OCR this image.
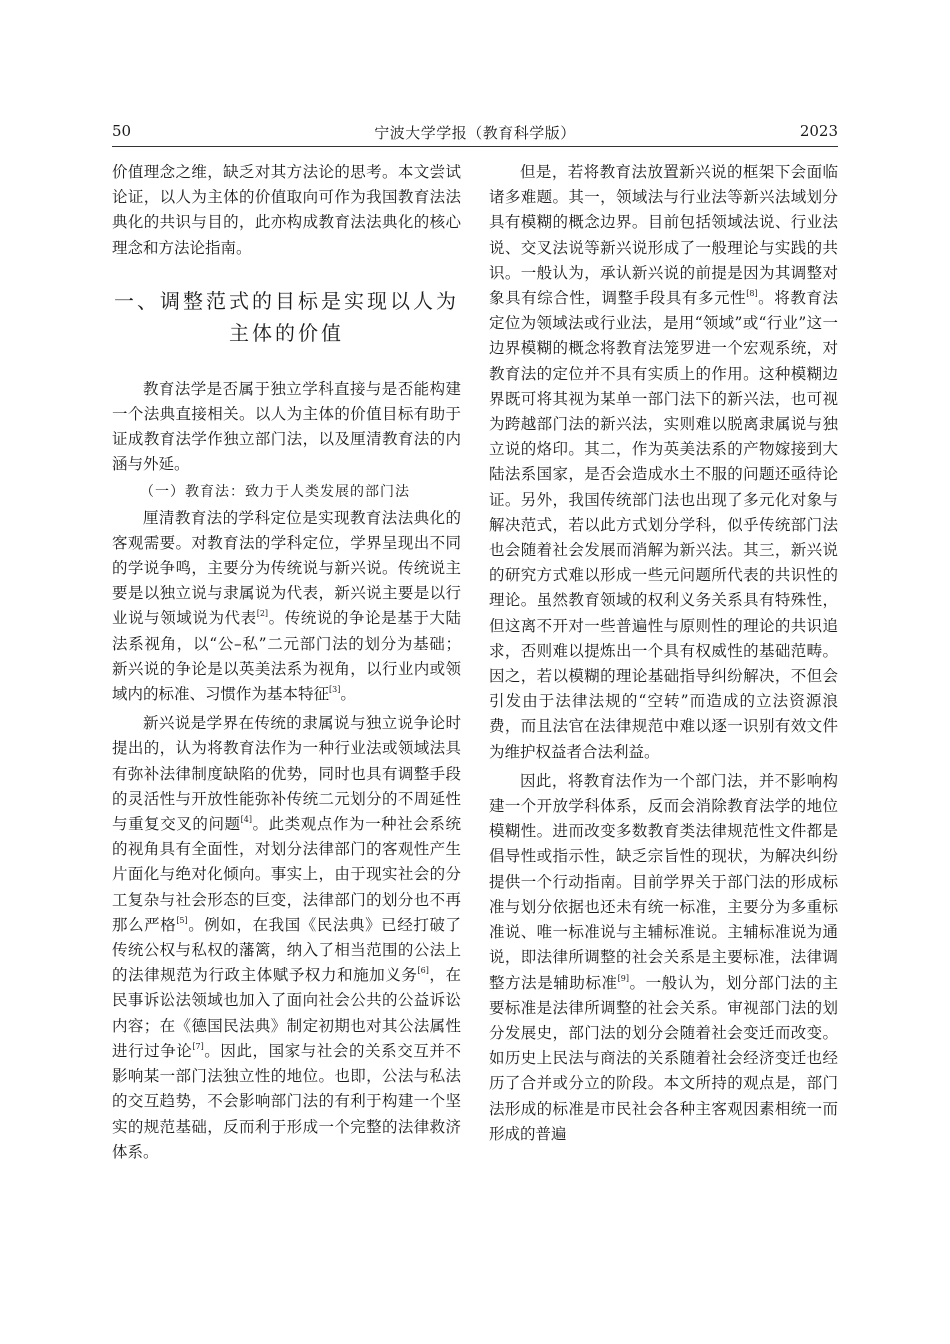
50	宁波大学学报（教育科学版）	2023

价值理念之维，缺乏对其方法论的思考。本文尝试论证，以人为主体的价值取向可作为我国教育法法典化的共识与目的，此亦构成教育法法典化的核心理念和方法论指南。

一、调整范式的目标是实现以人为
主体的价值

教育法学是否属于独立学科直接与是否能构建一个法典直接相关。以人为主体的价值目标有助于证成教育法学作独立部门法，以及厘清教育法的内涵与外延。

（一）教育法：致力于人类发展的部门法

厘清教育法的学科定位是实现教育法法典化的客观需要。对教育法的学科定位，学界呈现出不同的学说争鸣，主要分为传统说与新兴说。传统说主要是以独立说与隶属说为代表，新兴说主要是以行业说与领域说为代表[2]。传统说的争论是基于大陆法系视角，以“公–私”二元部门法的划分为基础；新兴说的争论是以英美法系为视角，以行业内或领域内的标准、习惯作为基本特征[3]。

新兴说是学界在传统的隶属说与独立说争论时提出的，认为将教育法作为一种行业法或领域法具有弥补法律制度缺陷的优势，同时也具有调整手段的灵活性与开放性能弥补传统二元划分的不周延性与重复交叉的问题[4]。此类观点作为一种社会系统的视角具有全面性，对划分法律部门的客观性产生片面化与绝对化倾向。事实上，由于现实社会的分工复杂与社会形态的巨变，法律部门的划分也不再那么严格[5]。例如，在我国《民法典》已经打破了传统公权与私权的藩篱，纳入了相当范围的公法上的法律规范为行政主体赋予权力和施加义务[6]，在民事诉讼法领域也加入了面向社会公共的公益诉讼内容；在《德国民法典》制定初期也对其公法属性进行过争论[7]。因此，国家与社会的关系交互并不影响某一部门法独立性的地位。也即，公法与私法的交互趋势，不会影响部门法的有利于构建一个坚实的规范基础，反而利于形成一个完整的法律救济体系。

但是，若将教育法放置新兴说的框架下会面临诸多难题。其一，领域法与行业法等新兴法域划分具有模糊的概念边界。目前包括领域法说、行业法说、交叉法说等新兴说形成了一般理论与实践的共识。一般认为，承认新兴说的前提是因为其调整对象具有综合性，调整手段具有多元性[8]。将教育法定位为领域法或行业法，是用“领域”或“行业”这一边界模糊的概念将教育法笼罗进一个宏观系统，对教育法的定位并不具有实质上的作用。这种模糊边界既可将其视为某单一部门法下的新兴法，也可视为跨越部门法的新兴法，实则难以脱离隶属说与独立说的烙印。其二，作为英美法系的产物嫁接到大陆法系国家，是否会造成水土不服的问题还亟待论证。另外，我国传统部门法也出现了多元化对象与解决范式，若以此方式划分学科，似乎传统部门法也会随着社会发展而消解为新兴法。其三，新兴说的研究方式难以形成一些元问题所代表的共识性的理论。虽然教育领域的权利义务关系具有特殊性，但这离不开对一些普遍性与原则性的理论的共识追求，否则难以提炼出一个具有权威性的基础范畴。因之，若以模糊的理论基础指导纠纷解决，不但会引发由于法律法规的“空转”而造成的立法资源浪费，而且法官在法律规范中难以逐一识别有效文件为维护权益者合法利益。

因此，将教育法作为一个部门法，并不影响构建一个开放学科体系，反而会消除教育法学的地位模糊性。进而改变多数教育类法律规范性文件都是倡导性或指示性，缺乏宗旨性的现状，为解决纠纷提供一个行动指南。目前学界关于部门法的形成标准与划分依据也还未有统一标准，主要分为多重标准说、唯一标准说与主辅标准说。主辅标准说为通说，即法律所调整的社会关系是主要标准，法律调整方法是辅助标准[9]。一般认为，划分部门法的主要标准是法律所调整的社会关系。审视部门法的划分发展史，部门法的划分会随着社会变迁而改变。如历史上民法与商法的关系随着社会经济变迁也经历了合并或分立的阶段。本文所持的观点是，部门法形成的标准是市民社会各种主客观因素相统一而形成的普遍
